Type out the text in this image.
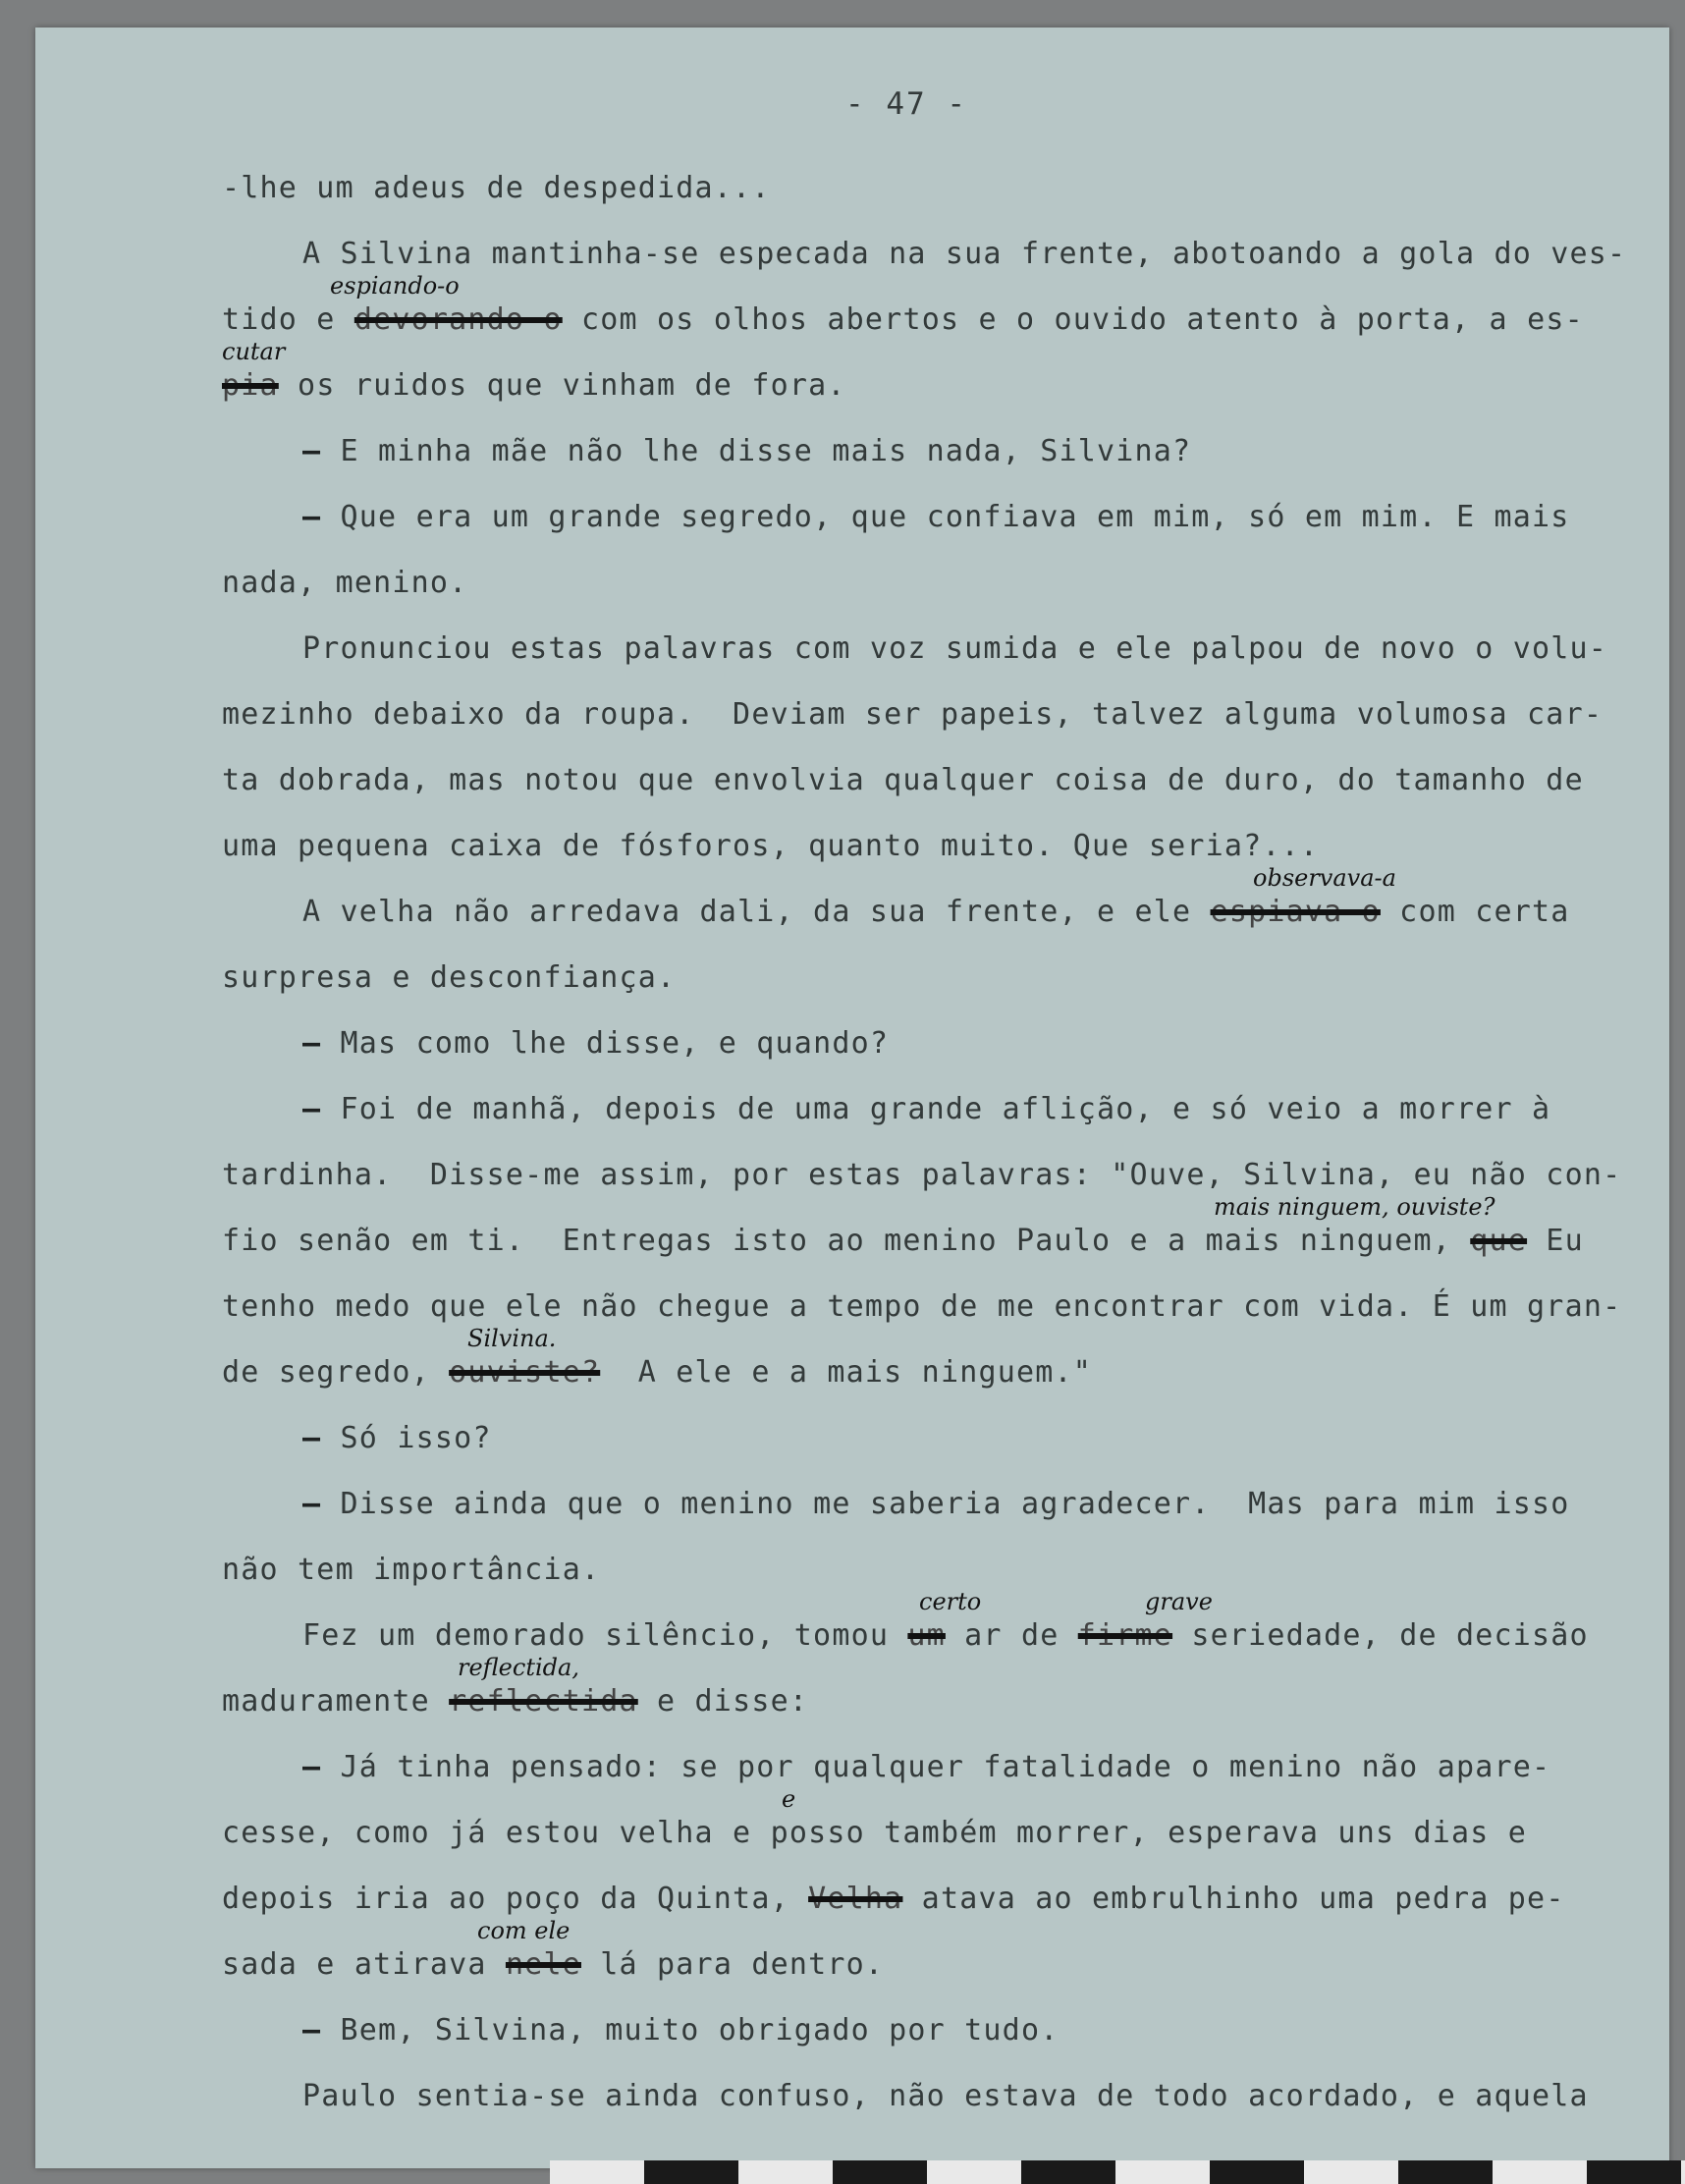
- 47 -
-lhe um adeus de despedida...
A Silvina mantinha-se especada na sua frente, abotoando a gola do ves-
tido e devorando-o
espiando-o
com os olhos abertos e o ouvido atento à porta, a es-
pia
cutar
os ruidos que vinham de fora.
— E minha mãe não lhe disse mais nada, Silvina?
— Que era um grande segredo, que confiava em mim, só em mim. E mais
nada, menino.
Pronunciou estas palavras com voz sumida e ele palpou de novo o volu-
mezinho debaixo da roupa.  Deviam ser papeis, talvez alguma volumosa car-
ta dobrada, mas notou que envolvia qualquer coisa de duro, do tamanho de
uma pequena caixa de fósforos, quanto muito. Que seria?...
A velha não arredava dali, da sua frente, e ele espiava-o
observava-a
com certa
surpresa e desconfiança.
— Mas como lhe disse, e quando?
— Foi de manhã, depois de uma grande aflição, e só veio a morrer à
tardinha.  Disse-me assim, por estas palavras: "Ouve, Silvina, eu não con-
fio senão em ti.  Entregas isto ao menino Paulo e a mais ninguem,
mais ninguem, ouviste?
que Eu
tenho medo que ele não chegue a tempo de me encontrar com vida. É um gran-
de segredo,
Silvina.
ouviste?  A ele e a mais ninguem."
— Só isso?
— Disse ainda que o menino me saberia agradecer.  Mas para mim isso
não tem importância.
Fez um demorado silêncio, tomou
certo
um ar de
grave
firme seriedade, de decisão
maduramente
reflectida,
reflectida e disse:
— Já tinha pensado: se por qualquer fatalidade o menino não apare-
cesse, como já estou velha e posso também morrer, esperava uns dias e
e
depois iria ao poço da Quinta, Velha atava ao embrulhinho uma pedra pe-
sada e atirava
com ele
nele lá para dentro.
— Bem, Silvina, muito obrigado por tudo.
Paulo sentia-se ainda confuso, não estava de todo acordado, e aquela
